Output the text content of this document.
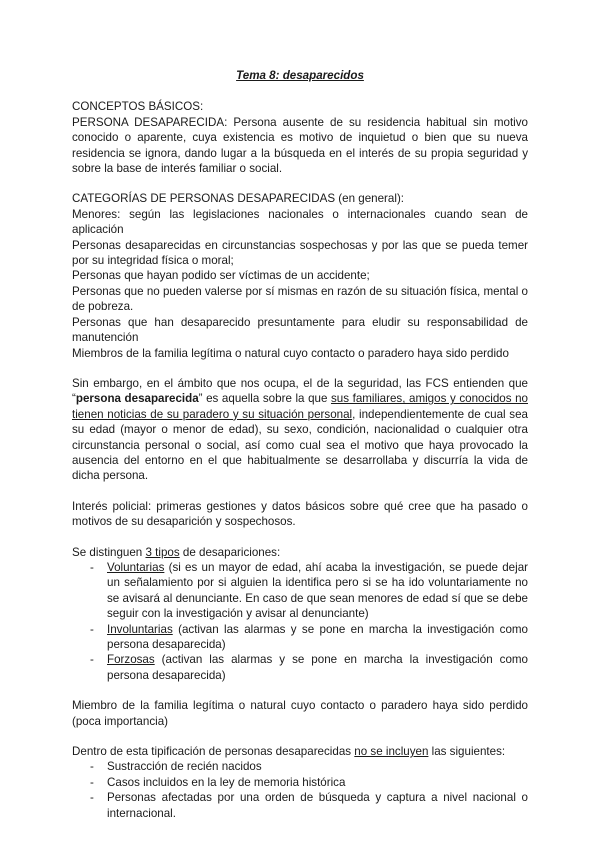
Tema 8: desaparecidos

CONCEPTOS BÁSICOS:

PERSONA DESAPARECIDA: Persona ausente de su residencia habitual sin motivo conocido o aparente, cuya existencia es motivo de inquietud o bien que su nueva residencia se ignora, dando lugar a la búsqueda en el interés de su propia seguridad y sobre la base de interés familiar o social.

CATEGORÍAS DE PERSONAS DESAPARECIDAS (en general):

Menores: según las legislaciones nacionales o internacionales cuando sean de aplicación

Personas desaparecidas en circunstancias sospechosas y por las que se pueda temer por su integridad física o moral;

Personas que hayan podido ser víctimas de un accidente;

Personas que no pueden valerse por sí mismas en razón de su situación física, mental o de pobreza.

Personas que han desaparecido presuntamente para eludir su responsabilidad de manutención

Miembros de la familia legítima o natural cuyo contacto o paradero haya sido perdido

Sin embargo, en el ámbito que nos ocupa, el de la seguridad, las FCS entienden que “persona desaparecida” es aquella sobre la que sus familiares, amigos y conocidos no tienen noticias de su paradero y su situación personal, independientemente de cual sea su edad (mayor o menor de edad), su sexo, condición, nacionalidad o cualquier otra circunstancia personal o social, así como cual sea el motivo que haya provocado la ausencia del entorno en el que habitualmente se desarrollaba y discurría la vida de dicha persona.

Interés policial: primeras gestiones y datos básicos sobre qué cree que ha pasado o motivos de su desaparición y sospechosos.

Se distinguen 3 tipos de desapariciones:

- Voluntarias (si es un mayor de edad, ahí acaba la investigación, se puede dejar un señalamiento por si alguien la identifica pero si se ha ido voluntariamente no se avisará al denunciante. En caso de que sean menores de edad sí que se debe seguir con la investigación y avisar al denunciante)
- Involuntarias (activan las alarmas y se pone en marcha la investigación como persona desaparecida)
- Forzosas (activan las alarmas y se pone en marcha la investigación como persona desaparecida)

Miembro de la familia legítima o natural cuyo contacto o paradero haya sido perdido (poca importancia)

Dentro de esta tipificación de personas desaparecidas no se incluyen las siguientes:

- Sustracción de recién nacidos
- Casos incluidos en la ley de memoria histórica
- Personas afectadas por una orden de búsqueda y captura a nivel nacional o internacional.
